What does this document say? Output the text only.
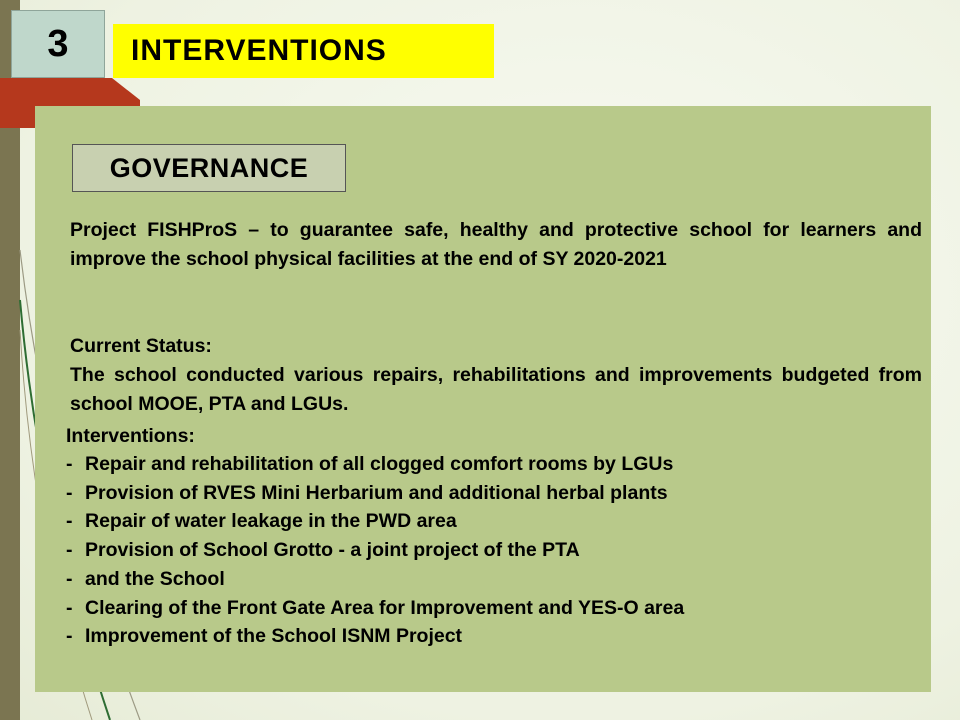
3	INTERVENTIONS
GOVERNANCE

Project FISHProS – to guarantee safe, healthy and protective school for learners and improve the school physical facilities at the end of SY 2020-2021

Current Status:

The school conducted various repairs, rehabilitations and improvements budgeted from school MOOE, PTA and LGUs.

Interventions:

- Repair and rehabilitation of all clogged comfort rooms by LGUs
- Provision of RVES Mini Herbarium and additional herbal plants
- Repair of water leakage in the PWD area
- Provision of School Grotto - a joint project of the PTA
- and the School
- Clearing of the Front Gate Area for Improvement and YES-O area
- Improvement of the School ISNM Project
